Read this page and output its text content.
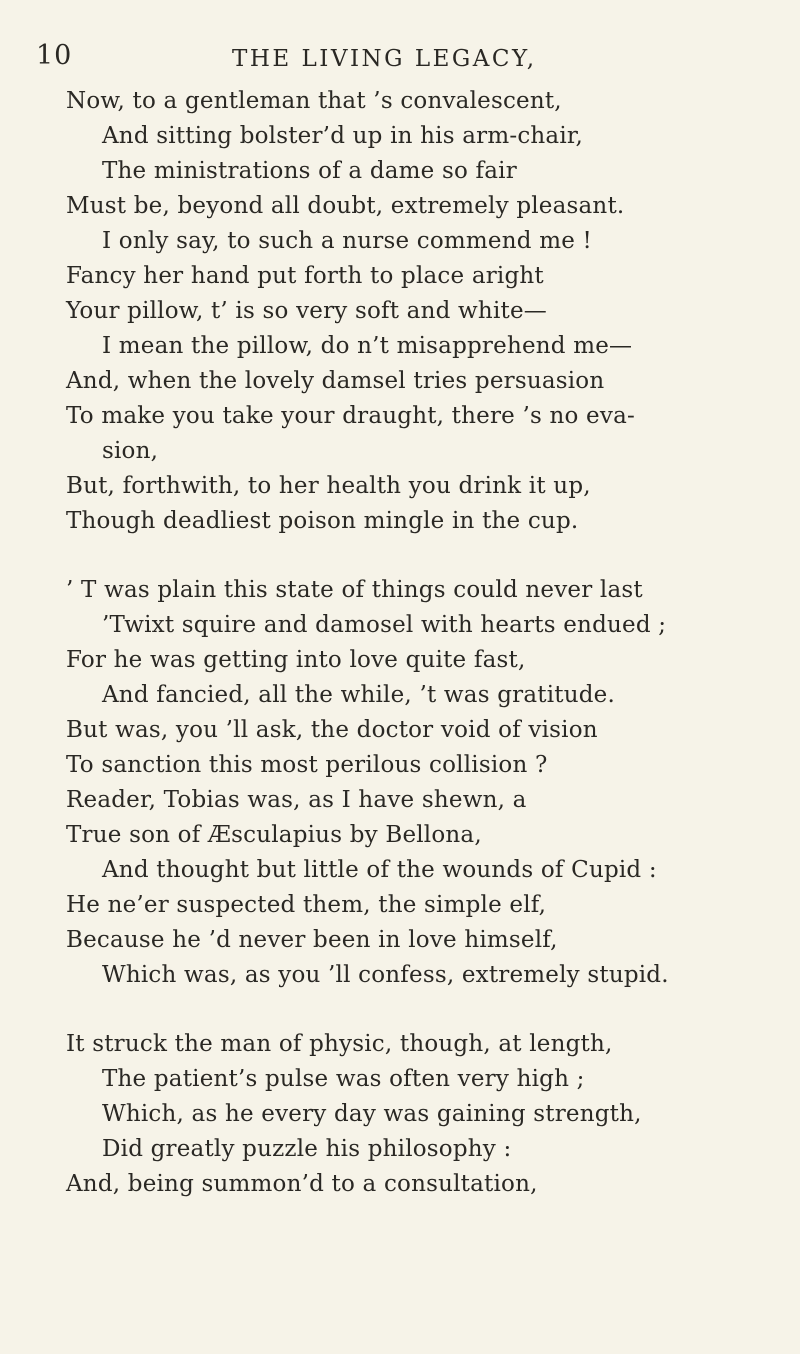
10	THE LIVING LEGACY,
Now, to a gentleman that ’s convalescent,
And sitting bolster’d up in his arm-chair,
The ministrations of a dame so fair
Must be, beyond all doubt, extremely pleasant.
I only say, to such a nurse commend me !
Fancy her hand put forth to place aright
Your pillow, t’ is so very soft and white—
I mean the pillow, do n’t misapprehend me—
And, when the lovely damsel tries persuasion
To make you take your draught, there ’s no eva-
sion,
But, forthwith, to her health you drink it up,
Though deadliest poison mingle in the cup.
’ T was plain this state of things could never last
’Twixt squire and damosel with hearts endued ;
For he was getting into love quite fast,
And fancied, all the while, ’t was gratitude.
But was, you ’ll ask, the doctor void of vision
To sanction this most perilous collision ?
Reader, Tobias was, as I have shewn, a
True son of Æsculapius by Bellona,
And thought but little of the wounds of Cupid :
He ne’er suspected them, the simple elf,
Because he ’d never been in love himself,
Which was, as you ’ll confess, extremely stupid.
It struck the man of physic, though, at length,
The patient’s pulse was often very high ;
Which, as he every day was gaining strength,
Did greatly puzzle his philosophy :
And, being summon’d to a consultation,
